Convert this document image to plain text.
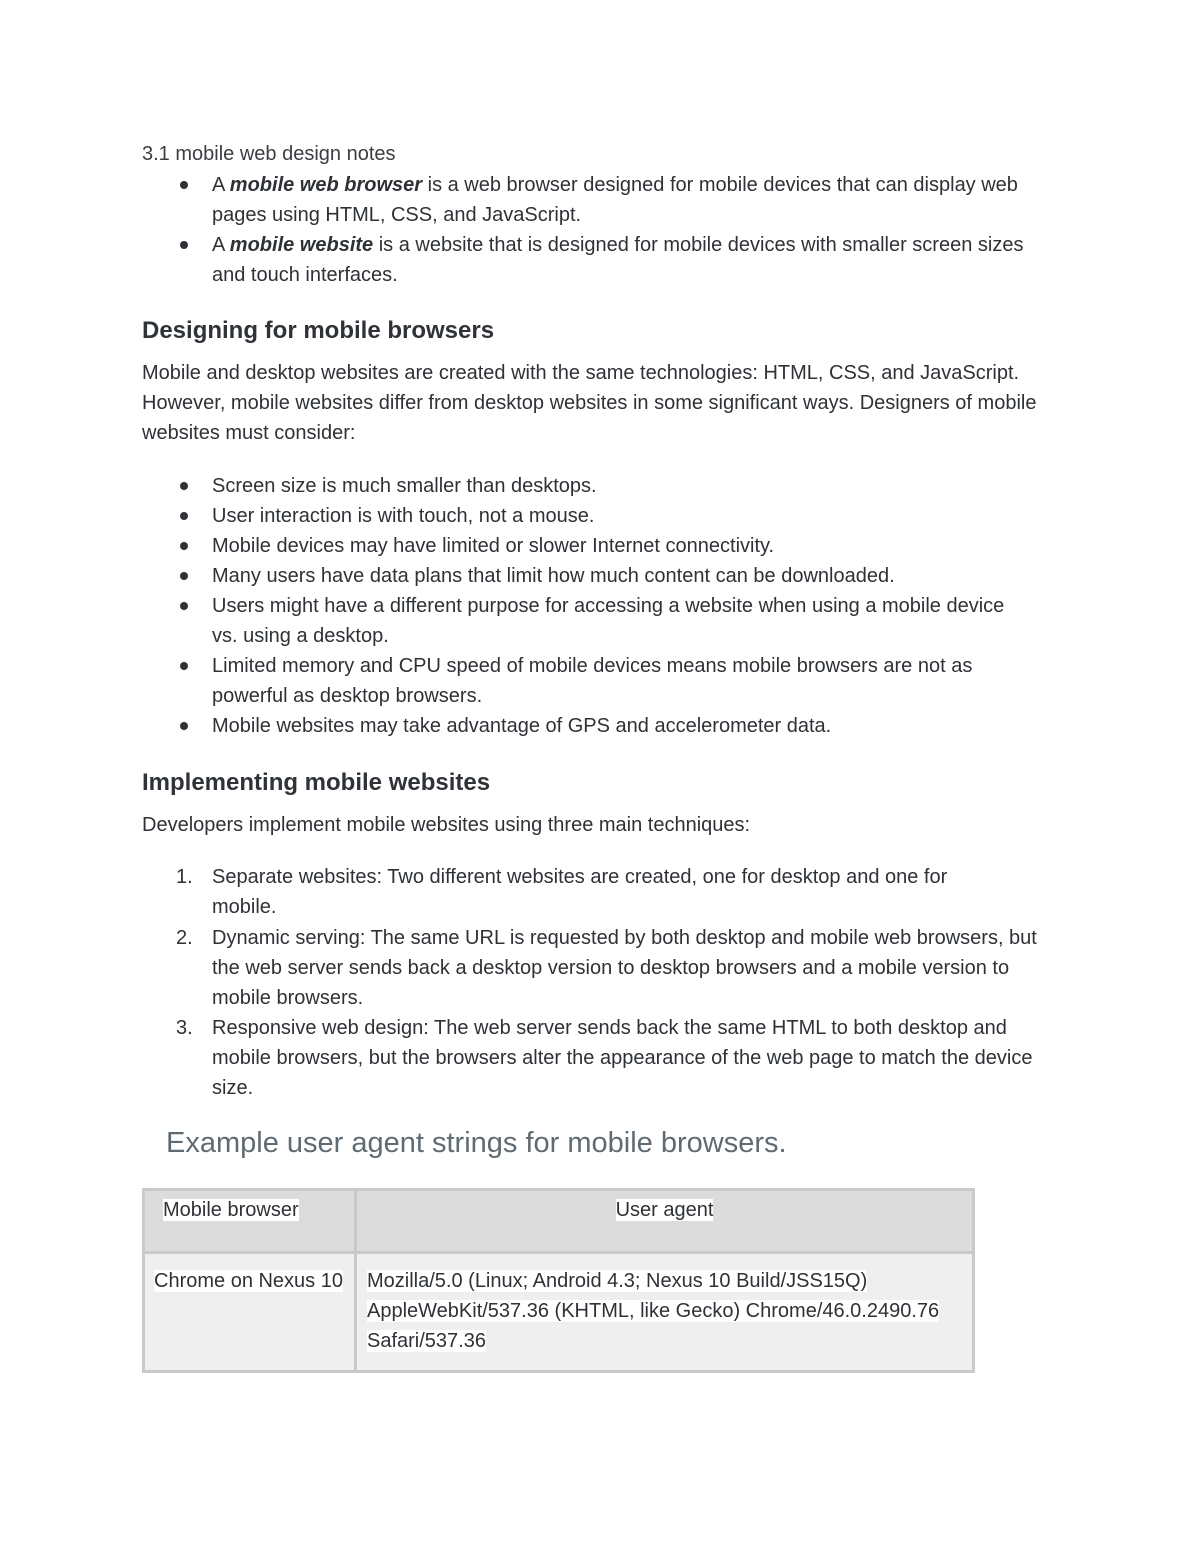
3.1 mobile web design notes
A mobile web browser is a web browser designed for mobile devices that can display web pages using HTML, CSS, and JavaScript.
A mobile website is a website that is designed for mobile devices with smaller screen sizes and touch interfaces.
Designing for mobile browsers
Mobile and desktop websites are created with the same technologies: HTML, CSS, and JavaScript. However, mobile websites differ from desktop websites in some significant ways. Designers of mobile websites must consider:
Screen size is much smaller than desktops.
User interaction is with touch, not a mouse.
Mobile devices may have limited or slower Internet connectivity.
Many users have data plans that limit how much content can be downloaded.
Users might have a different purpose for accessing a website when using a mobile device vs. using a desktop.
Limited memory and CPU speed of mobile devices means mobile browsers are not as powerful as desktop browsers.
Mobile websites may take advantage of GPS and accelerometer data.
Implementing mobile websites
Developers implement mobile websites using three main techniques:
1. Separate websites: Two different websites are created, one for desktop and one for mobile.
2. Dynamic serving: The same URL is requested by both desktop and mobile web browsers, but the web server sends back a desktop version to desktop browsers and a mobile version to mobile browsers.
3. Responsive web design: The web server sends back the same HTML to both desktop and mobile browsers, but the browsers alter the appearance of the web page to match the device size.
Example user agent strings for mobile browsers.
Mobile browser	User agent
Chrome on Nexus 10	Mozilla/5.0 (Linux; Android 4.3; Nexus 10 Build/JSS15Q) AppleWebKit/537.36 (KHTML, like Gecko) Chrome/46.0.2490.76 Safari/537.36
